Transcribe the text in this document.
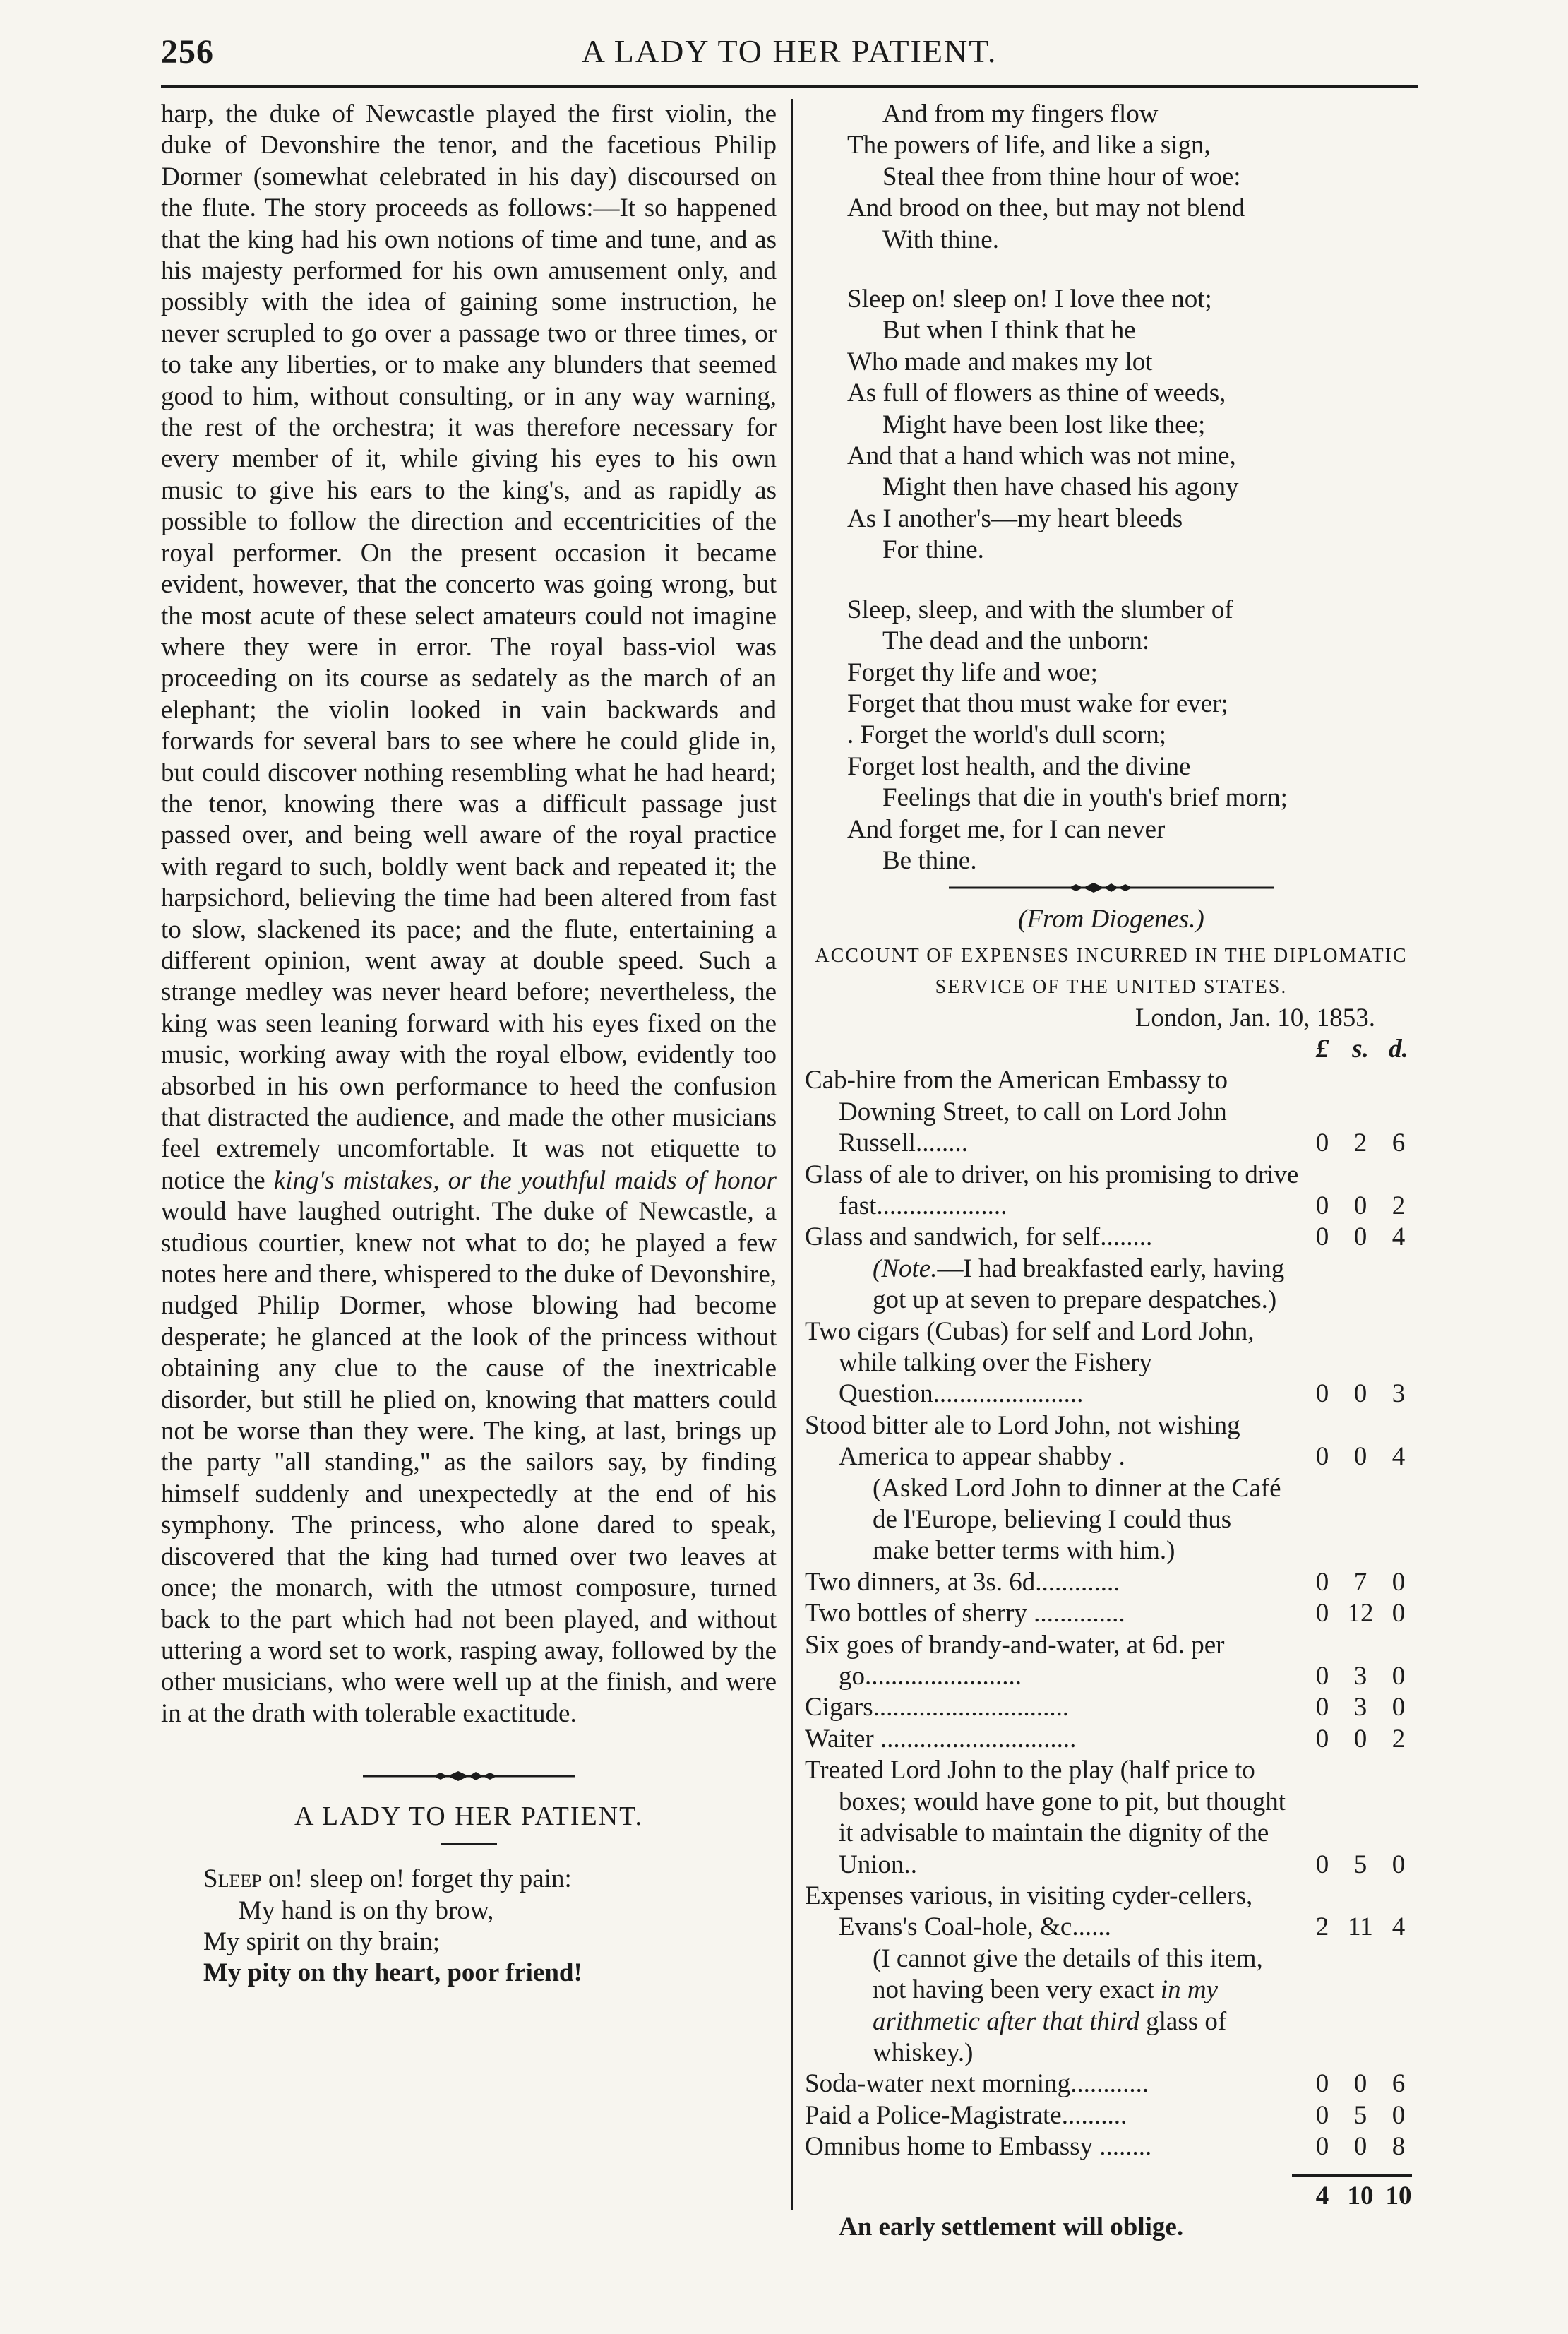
256	A LADY TO HER PATIENT.

harp, the duke of Newcastle played the first violin, the duke of Devonshire the tenor, and the facetious Philip Dormer (somewhat celebrated in his day) discoursed on the flute. The story proceeds as follows:—It so happened that the king had his own notions of time and tune, and as his majesty performed for his own amusement only, and possibly with the idea of gaining some instruction, he never scrupled to go over a passage two or three times, or to take any liberties, or to make any blunders that seemed good to him, without consulting, or in any way warning, the rest of the orchestra; it was therefore necessary for every member of it, while giving his eyes to his own music to give his ears to the king's, and as rapidly as possible to follow the direction and eccentricities of the royal performer. On the present occasion it became evident, however, that the concerto was going wrong, but the most acute of these select amateurs could not imagine where they were in error. The royal bass-viol was proceeding on its course as sedately as the march of an elephant; the violin looked in vain backwards and forwards for several bars to see where he could glide in, but could discover nothing resembling what he had heard; the tenor, knowing there was a difficult passage just passed over, and being well aware of the royal practice with regard to such, boldly went back and repeated it; the harpsichord, believing the time had been altered from fast to slow, slackened its pace; and the flute, entertaining a different opinion, went away at double speed. Such a strange medley was never heard before; nevertheless, the king was seen leaning forward with his eyes fixed on the music, working away with the royal elbow, evidently too absorbed in his own performance to heed the confusion that distracted the audience, and made the other musicians feel extremely uncomfortable. It was not etiquette to notice the king's mistakes, or the youthful maids of honor would have laughed outright. The duke of Newcastle, a studious courtier, knew not what to do; he played a few notes here and there, whispered to the duke of Devonshire, nudged Philip Dormer, whose blowing had become desperate; he glanced at the look of the princess without obtaining any clue to the cause of the inextricable disorder, but still he plied on, knowing that matters could not be worse than they were. The king, at last, brings up the party "all standing," as the sailors say, by finding himself suddenly and unexpectedly at the end of his symphony. The princess, who alone dared to speak, discovered that the king had turned over two leaves at once; the monarch, with the utmost composure, turned back to the part which had not been played, and without uttering a word set to work, rasping away, followed by the other musicians, who were well up at the finish, and were in at the drath with tolerable exactitude.

A LADY TO HER PATIENT.
Sleep on! sleep on! forget thy pain:
My hand is on thy brow,
My spirit on thy brain;
My pity on thy heart, poor friend!
And from my fingers flow
The powers of life, and like a sign,
Steal thee from thine hour of woe:
And brood on thee, but may not blend
With thine.
Sleep on! sleep on! I love thee not;
But when I think that he
Who made and makes my lot
As full of flowers as thine of weeds,
Might have been lost like thee;
And that a hand which was not mine,
Might then have chased his agony
As I another's—my heart bleeds
For thine.
Sleep, sleep, and with the slumber of
The dead and the unborn:
Forget thy life and woe;
Forget that thou must wake for ever;
. Forget the world's dull scorn;
Forget lost health, and the divine
Feelings that die in youth's brief morn;
And forget me, for I can never
Be thine.
(From Diogenes.)
ACCOUNT OF EXPENSES INCURRED IN THE DIPLOMATIC SERVICE OF THE UNITED STATES.
London, Jan. 10, 1853.
£ s. d.
Cab-hire from the American Embassy to Downing Street, to call on Lord John Russell........	0 2 6
Glass of ale to driver, on his promising to drive fast....................	0 0 2
Glass and sandwich, for self........	0 0 4
(Note.—I had breakfasted early, having got up at seven to prepare despatches.)
Two cigars (Cubas) for self and Lord John, while talking over the Fishery Question.......................	0 0 3
Stood bitter ale to Lord John, not wishing America to appear shabby .	0 0 4
(Asked Lord John to dinner at the Café de l'Europe, believing I could thus make better terms with him.)
Two dinners, at 3s. 6d.............	0 7 0
Two bottles of sherry ..............	0 12 0
Six goes of brandy-and-water, at 6d. per go........................	0 3 0
Cigars..............................	0 3 0
Waiter ..............................	0 0 2
Treated Lord John to the play (half price to boxes; would have gone to pit, but thought it advisable to maintain the dignity of the Union..	0 5 0
Expenses various, in visiting cyder-cellers, Evans's Coal-hole, &c......	2 11 4
(I cannot give the details of this item, not having been very exact in my arithmetic after that third glass of whiskey.)
Soda-water next morning............	0 0 6
Paid a Police-Magistrate..........	0 5 0
Omnibus home to Embassy ........	0 0 8
4 10 10
An early settlement will oblige.
